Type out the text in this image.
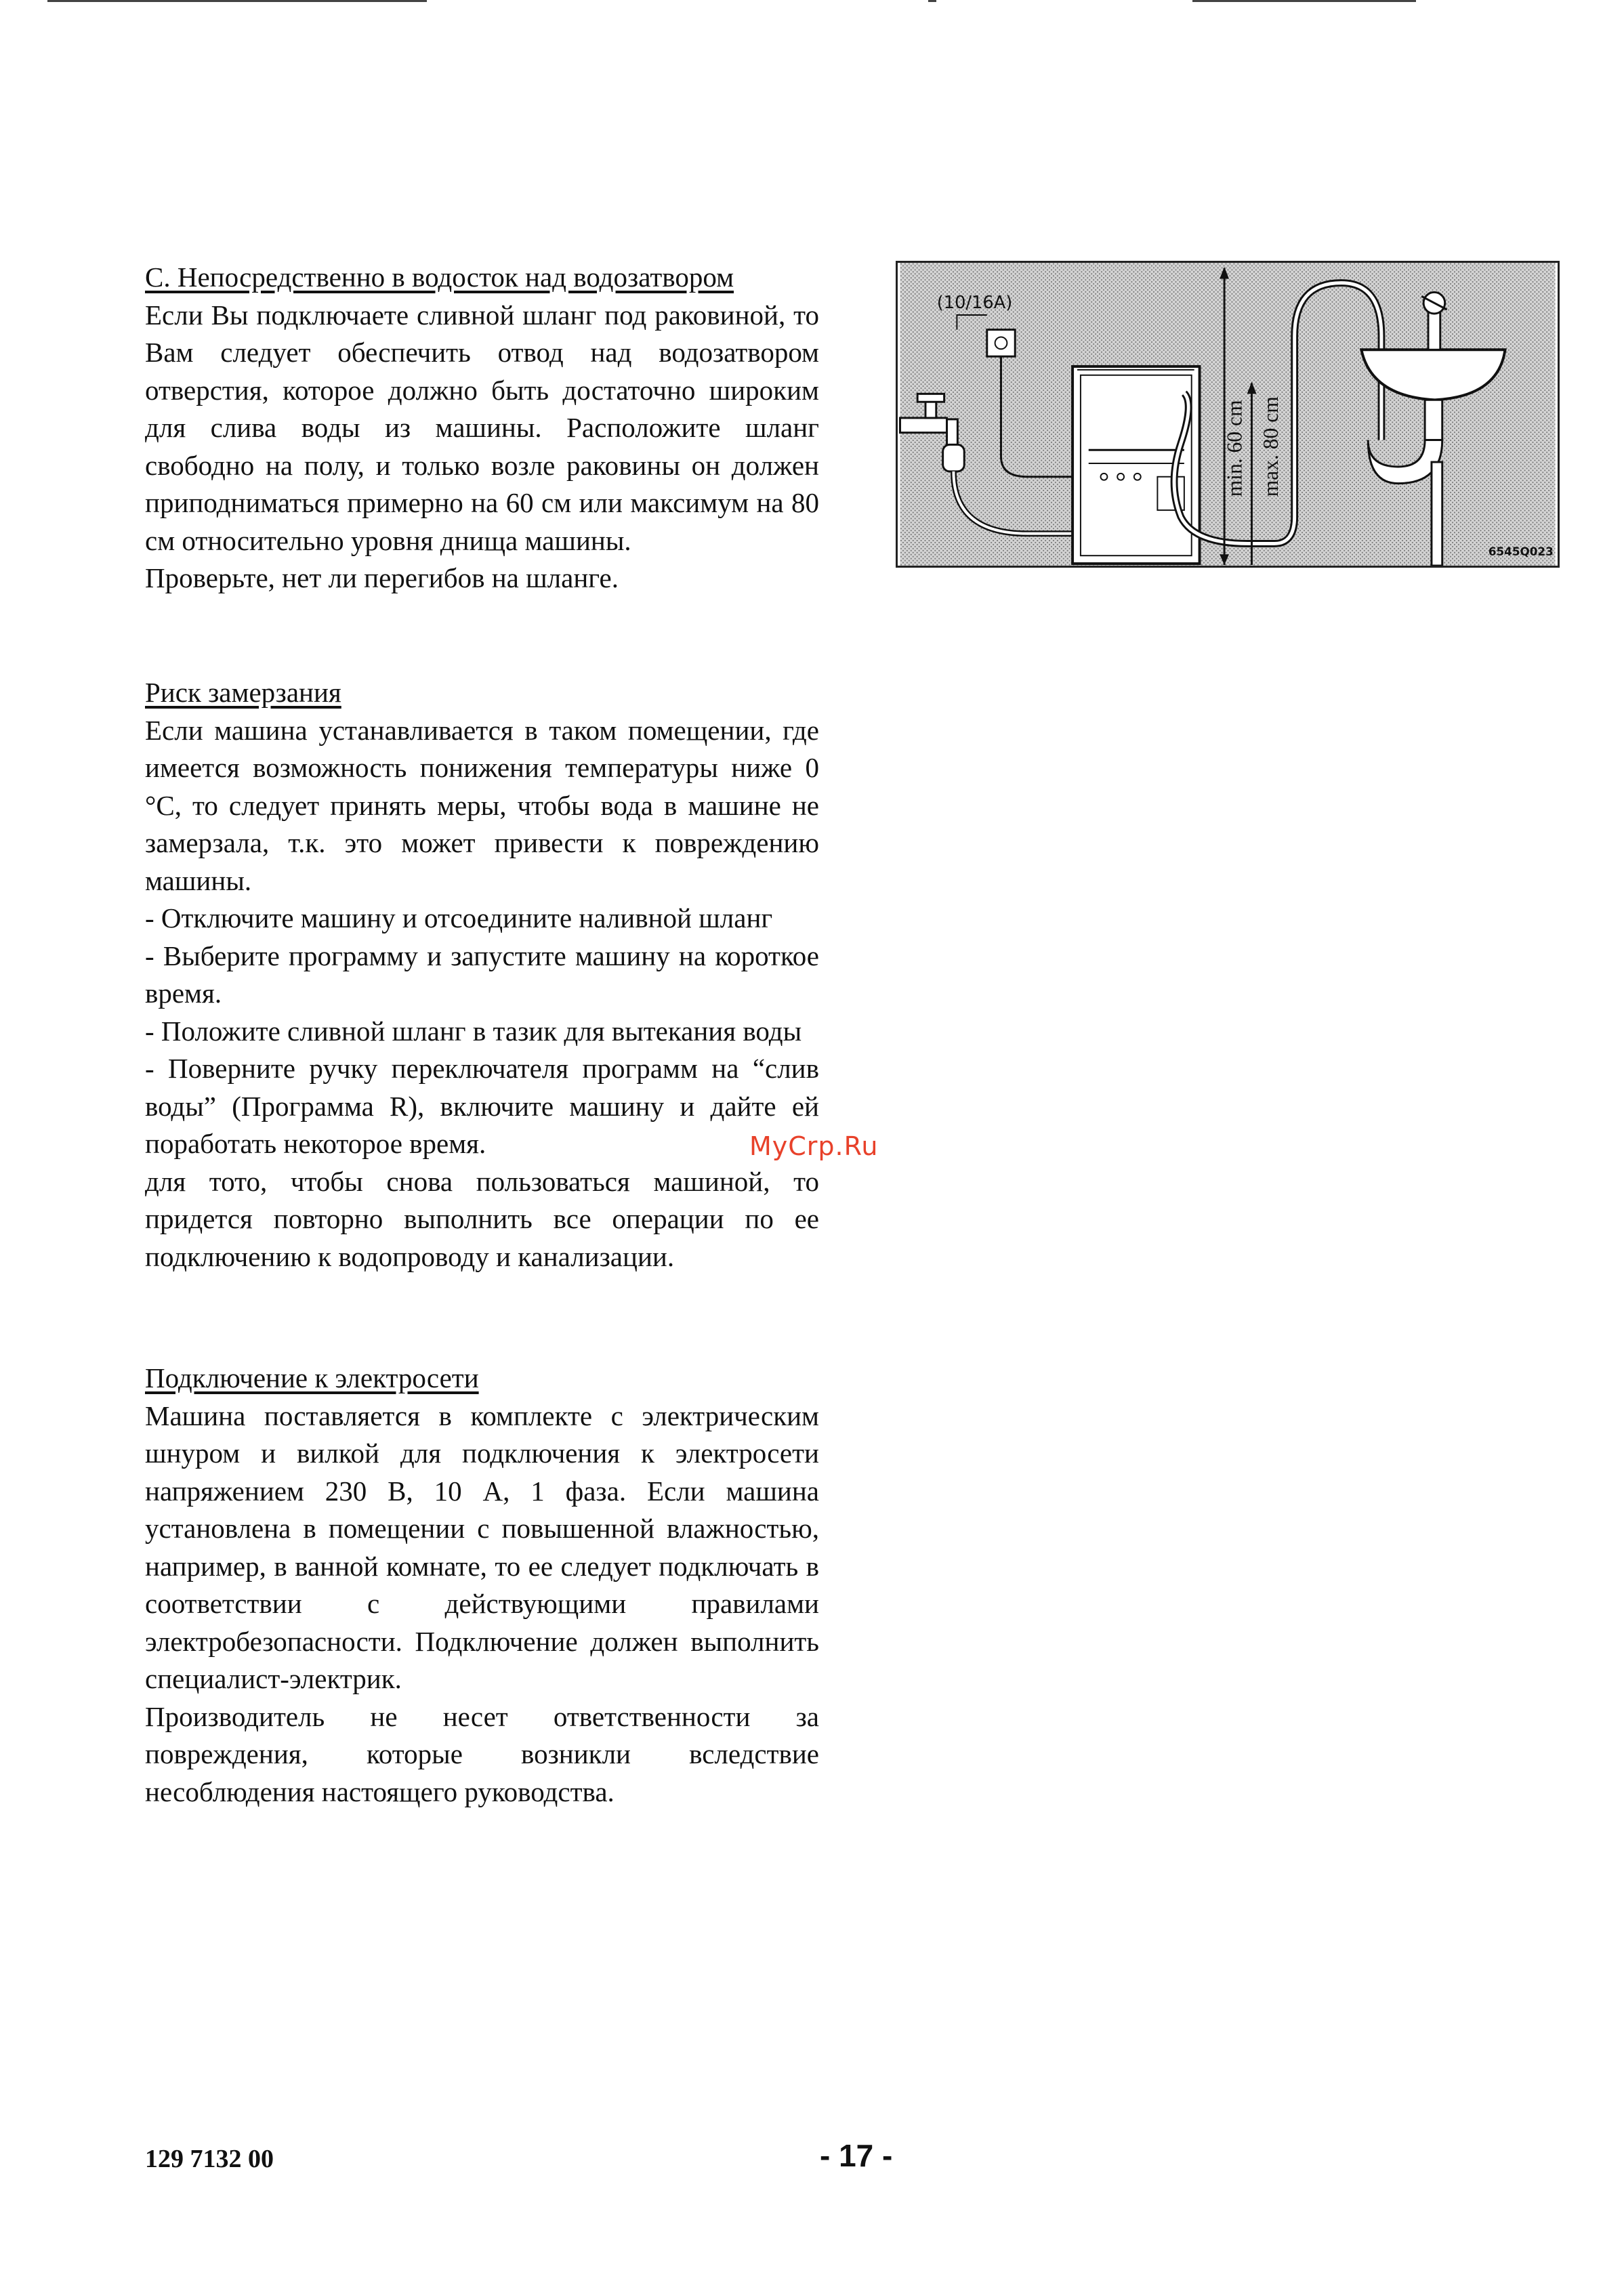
С. Непосредственно в водосток над водозатвором

Если Вы подключаете сливной шланг под раковиной, то Вам следует обеспечить отвод над водозатвором отверстия, которое должно быть достаточно широким для слива воды из машины. Расположите шланг свободно на полу, и только возле раковины он должен приподниматься примерно на 60 см или максимум на 80 см относительно уровня днища машины.

Проверьте, нет ли перегибов на шланге.

Риск замерзания

Если машина устанавливается в таком помещении, где имеется возможность понижения температуры ниже 0 °С, то следует принять меры, чтобы вода в машине не замерзала, т.к. это может привести к повреждению машины.

- Отключите машину и отсоедините наливной шланг

- Выберите программу и запустите машину на короткое время.

- Положите сливной шланг в тазик для вытекания воды

- Поверните ручку переключателя программ на “слив воды” (Программа R), включите машину и дайте ей поработать некоторое время.

для тото, чтобы снова пользоваться машиной, то придется повторно выполнить все операции по ее подключению к водопроводу и канализации.

Подключение к электросети

Машина поставляется в комплекте с электрическим шнуром и вилкой для подключения к электросети напряжением 230 В, 10 А, 1 фаза. Если машина установлена в помещении с повышенной влажностью, например, в ванной комнате, то ее следует подключать в соответствии с действующими правилами электробезопасности. Подключение должен выполнить специалист-электрик.

Производитель не несет ответственности за повреждения, которые возникли вследствие несоблюдения настоящего руководства.

(10/16A)
min. 60 cm max. 80 cm
6545Q023
MyCrp.Ru
129 7132 00	- 17 -
